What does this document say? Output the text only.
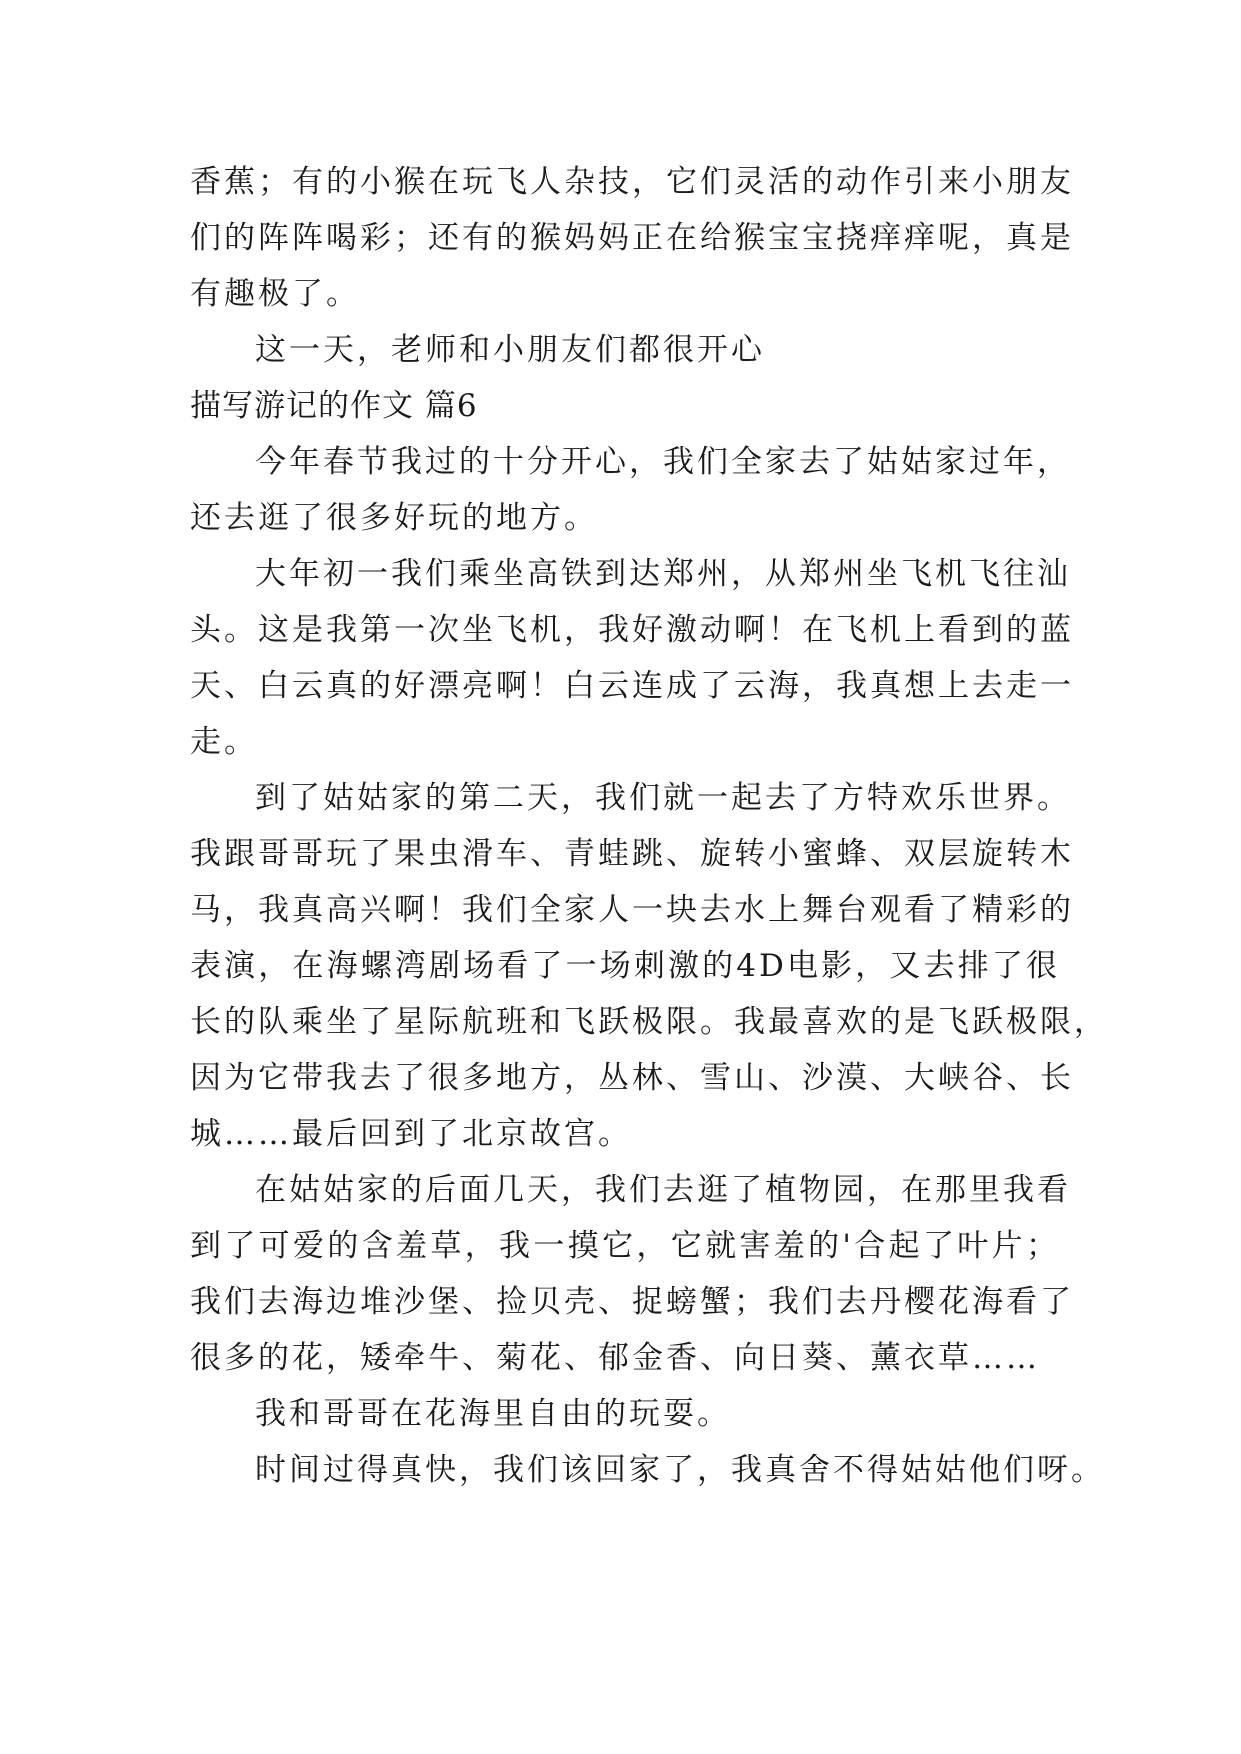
香蕉；有的小猴在玩飞人杂技，它们灵活的动作引来小朋友
们的阵阵喝彩；还有的猴妈妈正在给猴宝宝挠痒痒呢，真是
有趣极了。
这一天，老师和小朋友们都很开心
描写游记的作文 篇6
今年春节我过的十分开心，我们全家去了姑姑家过年，
还去逛了很多好玩的地方。
大年初一我们乘坐高铁到达郑州，从郑州坐飞机飞往汕
头。这是我第一次坐飞机，我好激动啊！在飞机上看到的蓝
天、白云真的好漂亮啊！白云连成了云海，我真想上去走一
走。
到了姑姑家的第二天，我们就一起去了方特欢乐世界。
我跟哥哥玩了果虫滑车、青蛙跳、旋转小蜜蜂、双层旋转木
马，我真高兴啊！我们全家人一块去水上舞台观看了精彩的
表演，在海螺湾剧场看了一场刺激的4D电影，又去排了很
长的队乘坐了星际航班和飞跃极限。我最喜欢的是飞跃极限，
因为它带我去了很多地方，丛林、雪山、沙漠、大峡谷、长
城……最后回到了北京故宫。
在姑姑家的后面几天，我们去逛了植物园，在那里我看
到了可爱的含羞草，我一摸它，它就害羞的'合起了叶片；
我们去海边堆沙堡、捡贝壳、捉螃蟹；我们去丹樱花海看了
很多的花，矮牵牛、菊花、郁金香、向日葵、薰衣草……
我和哥哥在花海里自由的玩耍。
时间过得真快，我们该回家了，我真舍不得姑姑他们呀。
